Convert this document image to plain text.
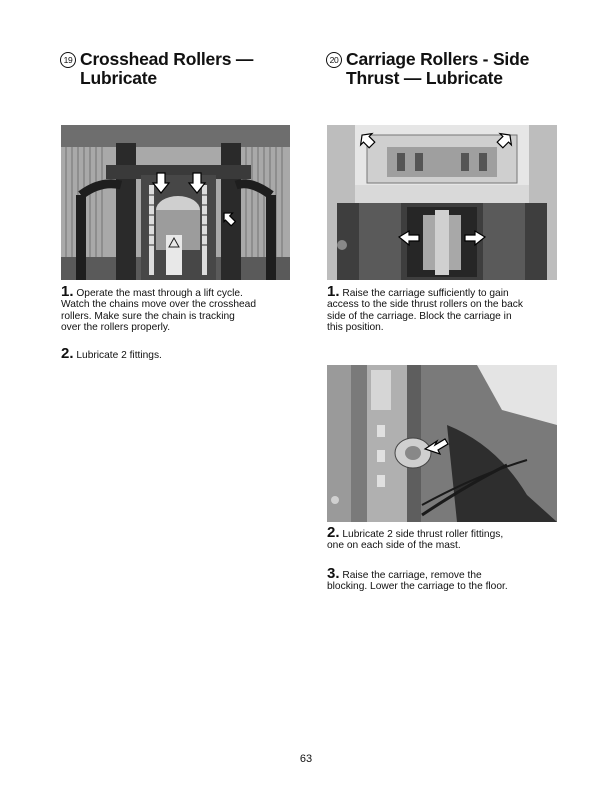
19 Crosshead Rollers —
Lubricate
1. Operate the mast through a lift cycle.
Watch the chains move over the crosshead
rollers. Make sure the chain is tracking
over the rollers properly.
2. Lubricate 2 fittings.
20 Carriage Rollers - Side
Thrust — Lubricate
1. Raise the carriage sufficiently to gain
access to the side thrust rollers on the back
side of the carriage. Block the carriage in
this position.
2. Lubricate 2 side thrust roller fittings,
one on each side of the mast.
3. Raise the carriage, remove the
blocking. Lower the carriage to the floor.
63
